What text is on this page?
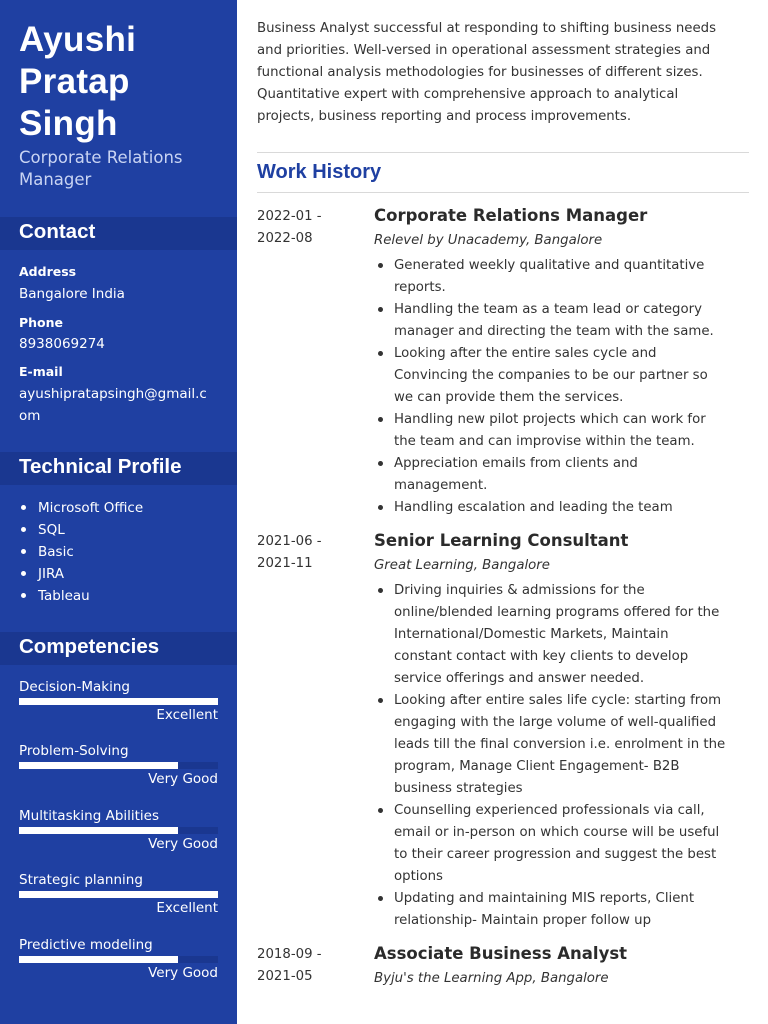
Ayushi
Pratap
Singh
Corporate Relations
Manager
Contact
Address
Bangalore India
Phone
8938069274
E-mail
ayushipratapsingh@gmail.c
om
Technical Profile
Microsoft Office
SQL
Basic
JIRA
Tableau
Competencies
Decision-Making
Excellent
Problem-Solving
Very Good
Multitasking Abilities
Very Good
Strategic planning
Excellent
Predictive modeling
Very Good
Business Analyst successful at responding to shifting business needs
and priorities. Well-versed in operational assessment strategies and
functional analysis methodologies for businesses of different sizes.
Quantitative expert with comprehensive approach to analytical
projects, business reporting and process improvements.
Work History
2022-01 -
2022-08
Corporate Relations Manager
Relevel by Unacademy, Bangalore
Generated weekly qualitative and quantitative
reports.
Handling the team as a team lead or category
manager and directing the team with the same.
Looking after the entire sales cycle and
Convincing the companies to be our partner so
we can provide them the services.
Handling new pilot projects which can work for
the team and can improvise within the team.
Appreciation emails from clients and
management.
Handling escalation and leading the team
2021-06 -
2021-11
Senior Learning Consultant
Great Learning, Bangalore
Driving inquiries & admissions for the
online/blended learning programs offered for the
International/Domestic Markets, Maintain
constant contact with key clients to develop
service offerings and answer needed.
Looking after entire sales life cycle: starting from
engaging with the large volume of well-qualified
leads till the final conversion i.e. enrolment in the
program, Manage Client Engagement- B2B
business strategies
Counselling experienced professionals via call,
email or in-person on which course will be useful
to their career progression and suggest the best
options
Updating and maintaining MIS reports, Client
relationship- Maintain proper follow up
2018-09 -
2021-05
Associate Business Analyst
Byju's the Learning App, Bangalore
